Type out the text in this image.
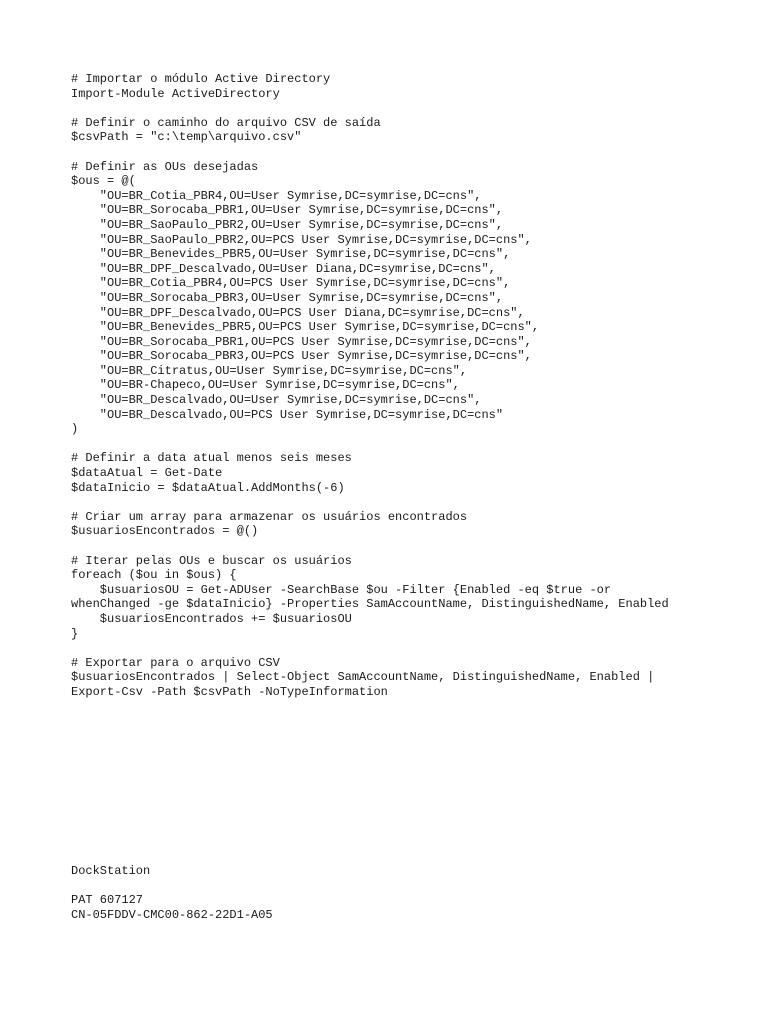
# Importar o módulo Active Directory
Import-Module ActiveDirectory
# Definir o caminho do arquivo CSV de saída
$csvPath = "c:\temp\arquivo.csv"
# Definir as OUs desejadas
$ous = @(
"OU=BR_Cotia_PBR4,OU=User Symrise,DC=symrise,DC=cns",
"OU=BR_Sorocaba_PBR1,OU=User Symrise,DC=symrise,DC=cns",
"OU=BR_SaoPaulo_PBR2,OU=User Symrise,DC=symrise,DC=cns",
"OU=BR_SaoPaulo_PBR2,OU=PCS User Symrise,DC=symrise,DC=cns",
"OU=BR_Benevides_PBR5,OU=User Symrise,DC=symrise,DC=cns",
"OU=BR_DPF_Descalvado,OU=User Diana,DC=symrise,DC=cns",
"OU=BR_Cotia_PBR4,OU=PCS User Symrise,DC=symrise,DC=cns",
"OU=BR_Sorocaba_PBR3,OU=User Symrise,DC=symrise,DC=cns",
"OU=BR_DPF_Descalvado,OU=PCS User Diana,DC=symrise,DC=cns",
"OU=BR_Benevides_PBR5,OU=PCS User Symrise,DC=symrise,DC=cns",
"OU=BR_Sorocaba_PBR1,OU=PCS User Symrise,DC=symrise,DC=cns",
"OU=BR_Sorocaba_PBR3,OU=PCS User Symrise,DC=symrise,DC=cns",
"OU=BR_Citratus,OU=User Symrise,DC=symrise,DC=cns",
"OU=BR-Chapeco,OU=User Symrise,DC=symrise,DC=cns",
"OU=BR_Descalvado,OU=User Symrise,DC=symrise,DC=cns",
"OU=BR_Descalvado,OU=PCS User Symrise,DC=symrise,DC=cns"
)
# Definir a data atual menos seis meses
$dataAtual = Get-Date
$dataInicio = $dataAtual.AddMonths(-6)
# Criar um array para armazenar os usuários encontrados
$usuariosEncontrados = @()
# Iterar pelas OUs e buscar os usuários
foreach ($ou in $ous) {
$usuariosOU = Get-ADUser -SearchBase $ou -Filter {Enabled -eq $true -or
whenChanged -ge $dataInicio} -Properties SamAccountName, DistinguishedName, Enabled
$usuariosEncontrados += $usuariosOU
}
# Exportar para o arquivo CSV
$usuariosEncontrados | Select-Object SamAccountName, DistinguishedName, Enabled |
Export-Csv -Path $csvPath -NoTypeInformation
DockStation
PAT 607127
CN-05FDDV-CMC00-862-22D1-A05
